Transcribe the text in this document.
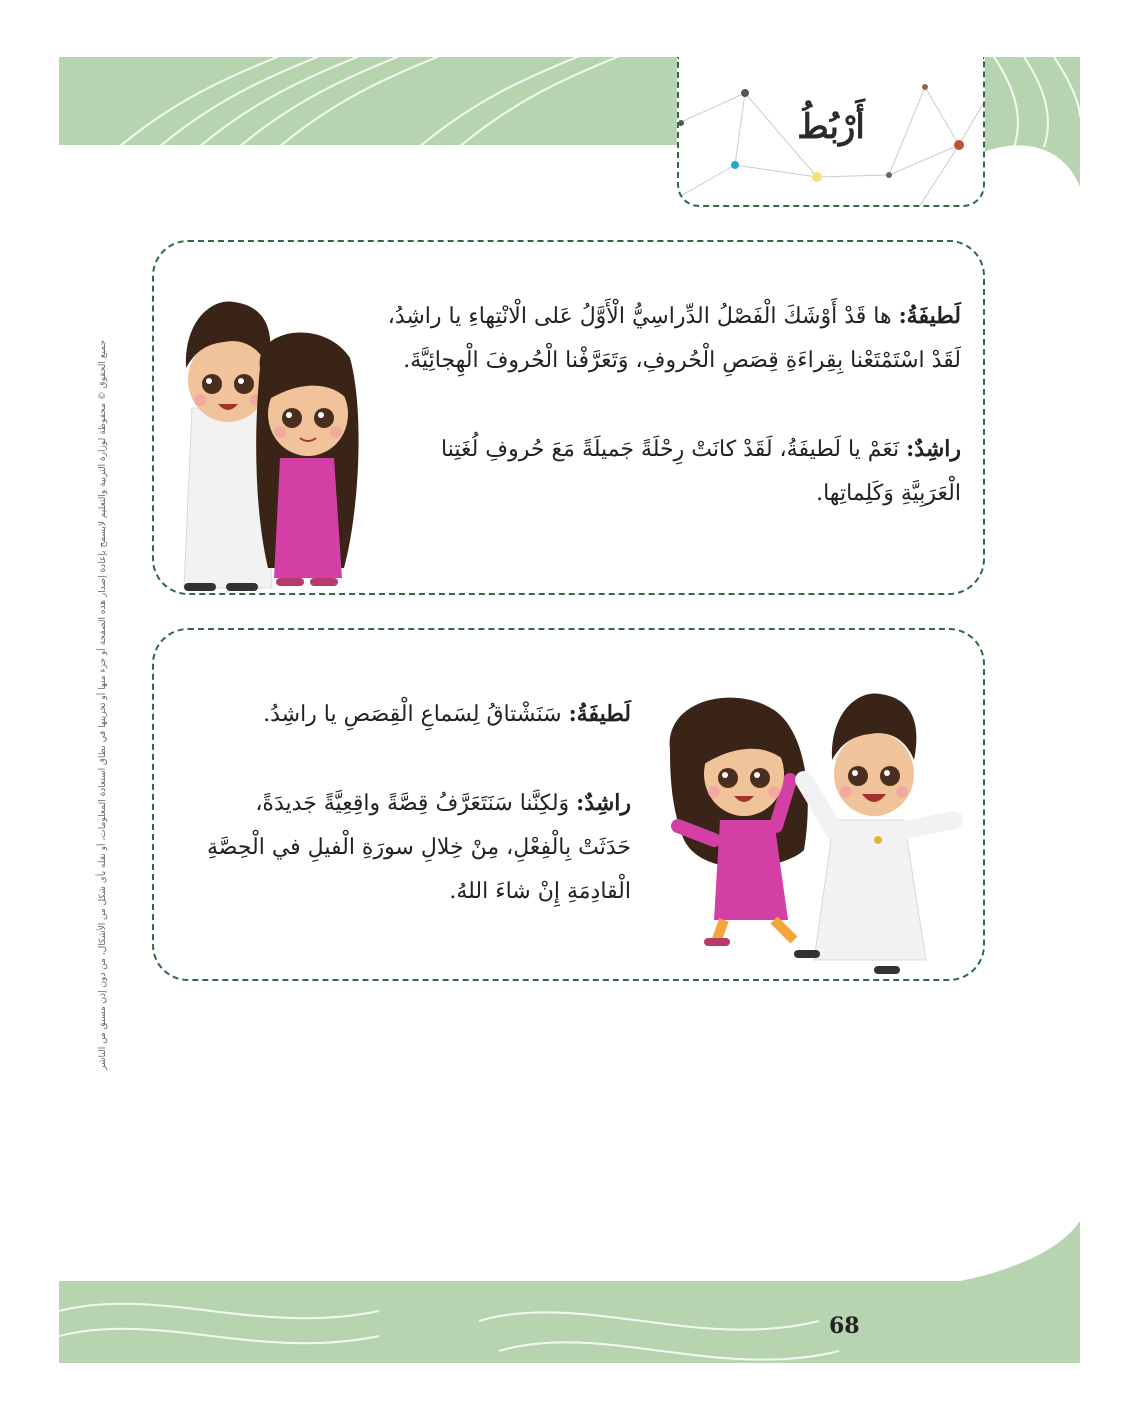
أَرْبُطُ

لَطيفَةُ: ها قَدْ أَوْشَكَ الْفَصْلُ الدِّراسِيُّ الْأَوَّلُ عَلى الْانْتِهاءِ يا راشِدُ،

لَقَدْ اسْتَمْتَعْنا بِقِراءَةِ قِصَصِ الْحُروفِ، وَتَعَرَّفْنا الْحُروفَ الْهِجائِيَّةَ.

راشِدٌ: نَعَمْ يا لَطيفَةُ، لَقَدْ كانَتْ رِحْلَةً جَميلَةً مَعَ حُروفِ لُغَتِنا

الْعَرَبِيَّةِ وَكَلِماتِها.

لَطيفَةُ: سَنَشْتاقُ لِسَماعِ الْقِصَصِ يا راشِدُ.

راشِدٌ: وَلكِنَّنا سَنَتَعَرَّفُ قِصَّةً واقِعِيَّةً جَديدَةً،

حَدَثَتْ بِالْفِعْلِ، مِنْ خِلالِ سورَةِ الْفيلِ في الْحِصَّةِ

الْقادِمَةِ إِنْ شاءَ اللهُ.

68
جميع الحقوق © محفوظة لوزارة التربية والتعليم لايسمح بإعادة إصدار هذه الصفحة أو جزء منها أو تخزينها في نطاق استعادة المعلومات، أو نقله بأي شكل من الأشكال، من دون إذن مسبق من الناشر
